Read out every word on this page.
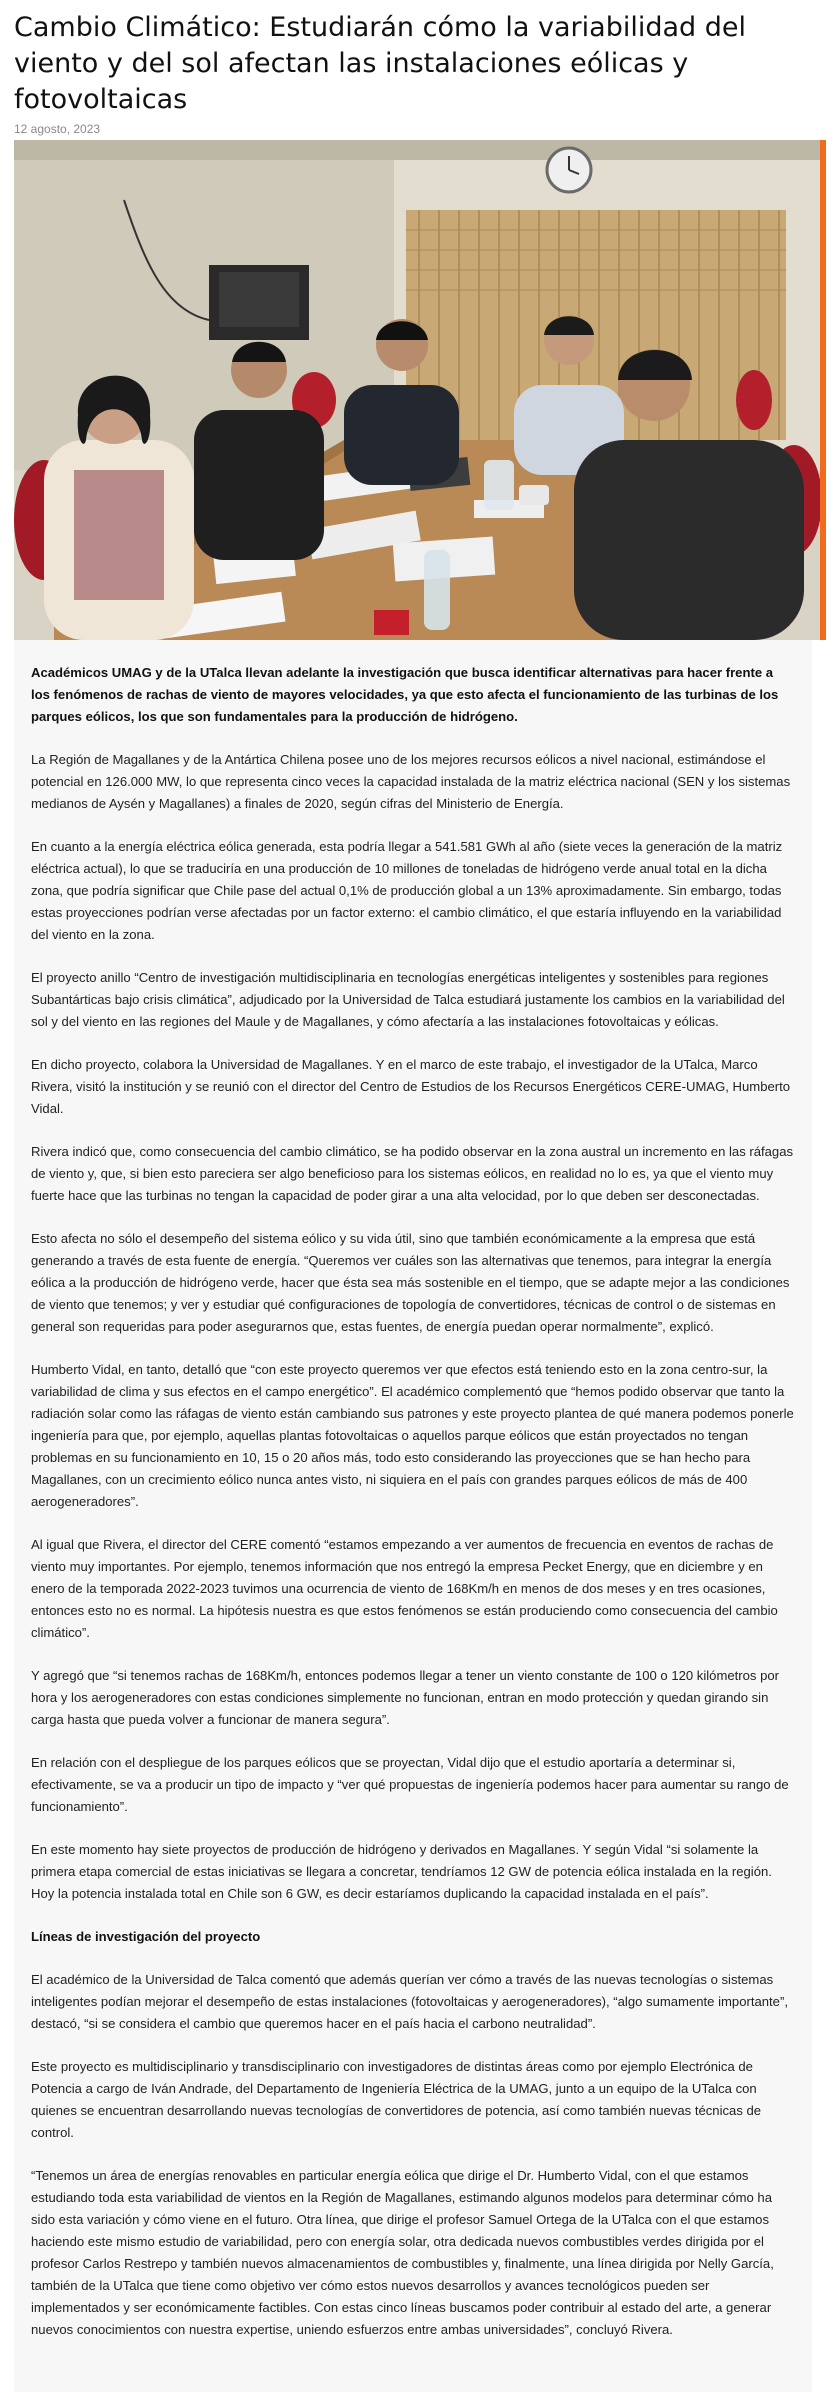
Cambio Climático: Estudiarán cómo la variabilidad del viento y del sol afectan las instalaciones eólicas y fotovoltaicas
12 agosto, 2023

Académicos UMAG y de la UTalca llevan adelante la investigación que busca identificar alternativas para hacer frente a los fenómenos de rachas de viento de mayores velocidades, ya que esto afecta el funcionamiento de las turbinas de los parques eólicos, los que son fundamentales para la producción de hidrógeno.

La Región de Magallanes y de la Antártica Chilena posee uno de los mejores recursos eólicos a nivel nacional, estimándose el potencial en 126.000 MW, lo que representa cinco veces la capacidad instalada de la matriz eléctrica nacional (SEN y los sistemas medianos de Aysén y Magallanes) a finales de 2020, según cifras del Ministerio de Energía.

En cuanto a la energía eléctrica eólica generada, esta podría llegar a 541.581 GWh al año (siete veces la generación de la matriz eléctrica actual), lo que se traduciría en una producción de 10 millones de toneladas de hidrógeno verde anual total en la dicha zona, que podría significar que Chile pase del actual 0,1% de producción global a un 13% aproximadamente. Sin embargo, todas estas proyecciones podrían verse afectadas por un factor externo: el cambio climático, el que estaría influyendo en la variabilidad del viento en la zona.

El proyecto anillo “Centro de investigación multidisciplinaria en tecnologías energéticas inteligentes y sostenibles para regiones Subantárticas bajo crisis climática”, adjudicado por la Universidad de Talca estudiará justamente los cambios en la variabilidad del sol y del viento en las regiones del Maule y de Magallanes, y cómo afectaría a las instalaciones fotovoltaicas y eólicas.

En dicho proyecto, colabora la Universidad de Magallanes. Y en el marco de este trabajo, el investigador de la UTalca, Marco Rivera, visitó la institución y se reunió con el director del Centro de Estudios de los Recursos Energéticos CERE-UMAG, Humberto Vidal.

Rivera indicó que, como consecuencia del cambio climático, se ha podido observar en la zona austral un incremento en las ráfagas de viento y, que, si bien esto pareciera ser algo beneficioso para los sistemas eólicos, en realidad no lo es, ya que el viento muy fuerte hace que las turbinas no tengan la capacidad de poder girar a una alta velocidad, por lo que deben ser desconectadas.

Esto afecta no sólo el desempeño del sistema eólico y su vida útil, sino que también económicamente a la empresa que está generando a través de esta fuente de energía. “Queremos ver cuáles son las alternativas que tenemos, para integrar la energía eólica a la producción de hidrógeno verde, hacer que ésta sea más sostenible en el tiempo, que se adapte mejor a las condiciones de viento que tenemos; y ver y estudiar qué configuraciones de topología de convertidores, técnicas de control o de sistemas en general son requeridas para poder asegurarnos que, estas fuentes, de energía puedan operar normalmente”, explicó.

Humberto Vidal, en tanto, detalló que “con este proyecto queremos ver que efectos está teniendo esto en la zona centro-sur, la variabilidad de clima y sus efectos en el campo energético”. El académico complementó que “hemos podido observar que tanto la radiación solar como las ráfagas de viento están cambiando sus patrones y este proyecto plantea de qué manera podemos ponerle ingeniería para que, por ejemplo, aquellas plantas fotovoltaicas o aquellos parque eólicos que están proyectados no tengan problemas en su funcionamiento en 10, 15 o 20 años más, todo esto considerando las proyecciones que se han hecho para Magallanes, con un crecimiento eólico nunca antes visto, ni siquiera en el país con grandes parques eólicos de más de 400 aerogeneradores”.

Al igual que Rivera, el director del CERE comentó “estamos empezando a ver aumentos de frecuencia en eventos de rachas de viento muy importantes. Por ejemplo, tenemos información que nos entregó la empresa Pecket Energy, que en diciembre y en enero de la temporada 2022-2023 tuvimos una ocurrencia de viento de 168Km/h en menos de dos meses y en tres ocasiones, entonces esto no es normal. La hipótesis nuestra es que estos fenómenos se están produciendo como consecuencia del cambio climático”.

Y agregó que “si tenemos rachas de 168Km/h, entonces podemos llegar a tener un viento constante de 100 o 120 kilómetros por hora y los aerogeneradores con estas condiciones simplemente no funcionan, entran en modo protección y quedan girando sin carga hasta que pueda volver a funcionar de manera segura”.

En relación con el despliegue de los parques eólicos que se proyectan, Vidal dijo que el estudio aportaría a determinar si, efectivamente, se va a producir un tipo de impacto y “ver qué propuestas de ingeniería podemos hacer para aumentar su rango de funcionamiento”.

En este momento hay siete proyectos de producción de hidrógeno y derivados en Magallanes. Y según Vidal “si solamente la primera etapa comercial de estas iniciativas se llegara a concretar, tendríamos 12 GW de potencia eólica instalada en la región. Hoy la potencia instalada total en Chile son 6 GW, es decir estaríamos duplicando la capacidad instalada en el país”.

Líneas de investigación del proyecto

El académico de la Universidad de Talca comentó que además querían ver cómo a través de las nuevas tecnologías o sistemas inteligentes podían mejorar el desempeño de estas instalaciones (fotovoltaicas y aerogeneradores), “algo sumamente importante”, destacó, “si se considera el cambio que queremos hacer en el país hacia el carbono neutralidad”.

Este proyecto es multidisciplinario y transdisciplinario con investigadores de distintas áreas como por ejemplo Electrónica de Potencia a cargo de Iván Andrade, del Departamento de Ingeniería Eléctrica de la UMAG, junto a un equipo de la UTalca con quienes se encuentran desarrollando nuevas tecnologías de convertidores de potencia, así como también nuevas técnicas de control.

“Tenemos un área de energías renovables en particular energía eólica que dirige el Dr. Humberto Vidal, con el que estamos estudiando toda esta variabilidad de vientos en la Región de Magallanes, estimando algunos modelos para determinar cómo ha sido esta variación y cómo viene en el futuro. Otra línea, que dirige el profesor Samuel Ortega de la UTalca con el que estamos haciendo este mismo estudio de variabilidad, pero con energía solar, otra dedicada nuevos combustibles verdes dirigida por el profesor Carlos Restrepo y también nuevos almacenamientos de combustibles y, finalmente, una línea dirigida por Nelly García, también de la UTalca que tiene como objetivo ver cómo estos nuevos desarrollos y avances tecnológicos pueden ser implementados y ser económicamente factibles. Con estas cinco líneas buscamos poder contribuir al estado del arte, a generar nuevos conocimientos con nuestra expertise, uniendo esfuerzos entre ambas universidades”, concluyó Rivera.
